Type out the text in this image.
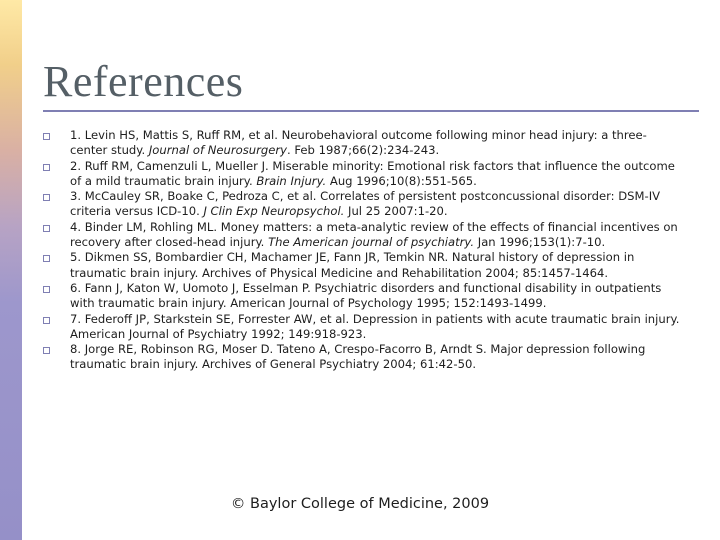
References
1. Levin HS, Mattis S, Ruff RM, et al. Neurobehavioral outcome following minor head injury: a three-center study. Journal of Neurosurgery. Feb 1987;66(2):234-243.
2. Ruff RM, Camenzuli L, Mueller J. Miserable minority: Emotional risk factors that influence the outcome of a mild traumatic brain injury. Brain Injury. Aug 1996;10(8):551-565.
3. McCauley SR, Boake C, Pedroza C, et al. Correlates of persistent postconcussional disorder: DSM-IV criteria versus ICD-10. J Clin Exp Neuropsychol. Jul 25 2007:1-20.
4. Binder LM, Rohling ML. Money matters: a meta-analytic review of the effects of financial incentives on recovery after closed-head injury. The American journal of psychiatry. Jan 1996;153(1):7-10.
5. Dikmen SS, Bombardier CH, Machamer JE, Fann JR, Temkin NR. Natural history of depression in traumatic brain injury. Archives of Physical Medicine and Rehabilitation 2004; 85:1457-1464.
6. Fann J, Katon W, Uomoto J, Esselman P. Psychiatric disorders and functional disability in outpatients with traumatic brain injury. American Journal of Psychology 1995; 152:1493-1499.
7. Federoff JP, Starkstein SE, Forrester AW, et al. Depression in patients with acute traumatic brain injury. American Journal of Psychiatry 1992; 149:918-923.
8. Jorge RE, Robinson RG, Moser D. Tateno A, Crespo-Facorro B, Arndt S. Major depression following traumatic brain injury. Archives of General Psychiatry 2004; 61:42-50.
© Baylor College of Medicine, 2009
